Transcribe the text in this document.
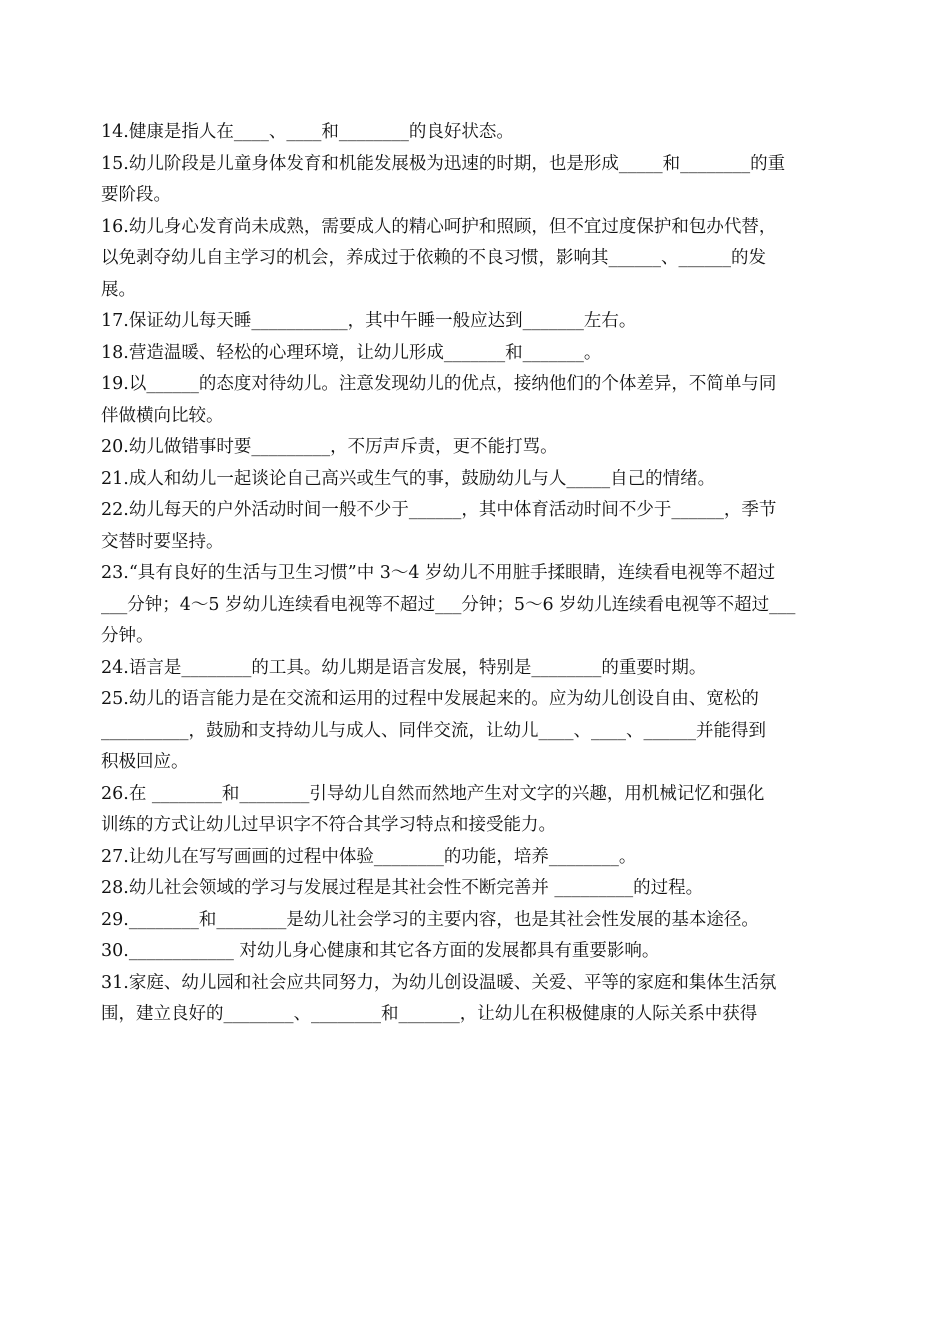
14.健康是指人在____、____和________的良好状态。
15.幼儿阶段是儿童身体发育和机能发展极为迅速的时期，也是形成_____和________的重
要阶段。
16.幼儿身心发育尚未成熟，需要成人的精心呵护和照顾，但不宜过度保护和包办代替，
以免剥夺幼儿自主学习的机会，养成过于依赖的不良习惯，影响其______、______的发
展。
17.保证幼儿每天睡___________，其中午睡一般应达到_______左右。
18.营造温暖、轻松的心理环境，让幼儿形成_______和_______。
19.以______的态度对待幼儿。注意发现幼儿的优点，接纳他们的个体差异，不简单与同
伴做横向比较。
20.幼儿做错事时要_________，不厉声斥责，更不能打骂。
21.成人和幼儿一起谈论自己高兴或生气的事，鼓励幼儿与人_____自己的情绪。
22.幼儿每天的户外活动时间一般不少于______，其中体育活动时间不少于______，季节
交替时要坚持。
23.“具有良好的生活与卫生习惯”中 3～4 岁幼儿不用脏手揉眼睛，连续看电视等不超过
___分钟；4～5 岁幼儿连续看电视等不超过___分钟；5～6 岁幼儿连续看电视等不超过___
分钟。
24.语言是________的工具。幼儿期是语言发展，特别是________的重要时期。
25.幼儿的语言能力是在交流和运用的过程中发展起来的。应为幼儿创设自由、宽松的
__________，鼓励和支持幼儿与成人、同伴交流，让幼儿____、____、______并能得到
积极回应。
26.在 ________和________引导幼儿自然而然地产生对文字的兴趣，用机械记忆和强化
训练的方式让幼儿过早识字不符合其学习特点和接受能力。
27.让幼儿在写写画画的过程中体验________的功能，培养________。
28.幼儿社会领域的学习与发展过程是其社会性不断完善并 _________的过程。
29.________和________是幼儿社会学习的主要内容，也是其社会性发展的基本途径。
30.____________ 对幼儿身心健康和其它各方面的发展都具有重要影响。
31.家庭、幼儿园和社会应共同努力，为幼儿创设温暖、关爱、平等的家庭和集体生活氛
围，建立良好的________、________和_______，让幼儿在积极健康的人际关系中获得
